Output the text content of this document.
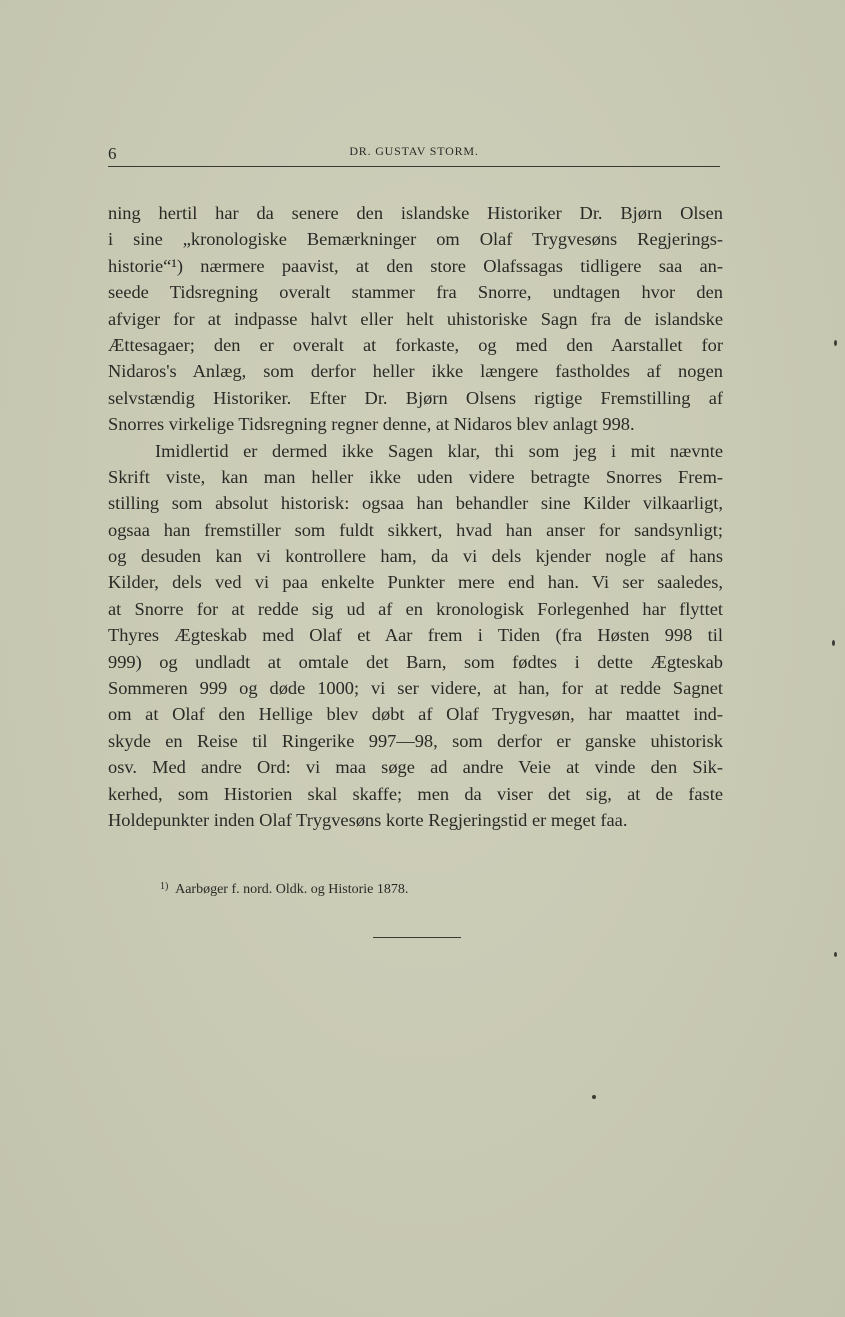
6	DR. GUSTAV STORM.
ning hertil har da senere den islandske Historiker Dr. Bjørn Olsen
i sine „kronologiske Bemærkninger om Olaf Trygvesøns Regjerings-
historie“¹) nærmere paavist, at den store Olafssagas tidligere saa an-
seede Tidsregning overalt stammer fra Snorre, undtagen hvor den
afviger for at indpasse halvt eller helt uhistoriske Sagn fra de islandske
Ættesagaer; den er overalt at forkaste, og med den Aarstallet for
Nidaros's Anlæg, som derfor heller ikke længere fastholdes af nogen
selvstændig Historiker. Efter Dr. Bjørn Olsens rigtige Fremstilling af
Snorres virkelige Tidsregning regner denne, at Nidaros blev anlagt 998.
Imidlertid er dermed ikke Sagen klar, thi som jeg i mit nævnte
Skrift viste, kan man heller ikke uden videre betragte Snorres Frem-
stilling som absolut historisk: ogsaa han behandler sine Kilder vilkaarligt,
ogsaa han fremstiller som fuldt sikkert, hvad han anser for sandsynligt;
og desuden kan vi kontrollere ham, da vi dels kjender nogle af hans
Kilder, dels ved vi paa enkelte Punkter mere end han. Vi ser saaledes,
at Snorre for at redde sig ud af en kronologisk Forlegenhed har flyttet
Thyres Ægteskab med Olaf et Aar frem i Tiden (fra Høsten 998 til
999) og undladt at omtale det Barn, som fødtes i dette Ægteskab
Sommeren 999 og døde 1000; vi ser videre, at han, for at redde Sagnet
om at Olaf den Hellige blev døbt af Olaf Trygvesøn, har maattet ind-
skyde en Reise til Ringerike 997—98, som derfor er ganske uhistorisk
osv. Med andre Ord: vi maa søge ad andre Veie at vinde den Sik-
kerhed, som Historien skal skaffe; men da viser det sig, at de faste
Holdepunkter inden Olaf Trygvesøns korte Regjeringstid er meget faa.
$^{1)}$ Aarbøger f. nord. Oldk. og Historie 1878.
